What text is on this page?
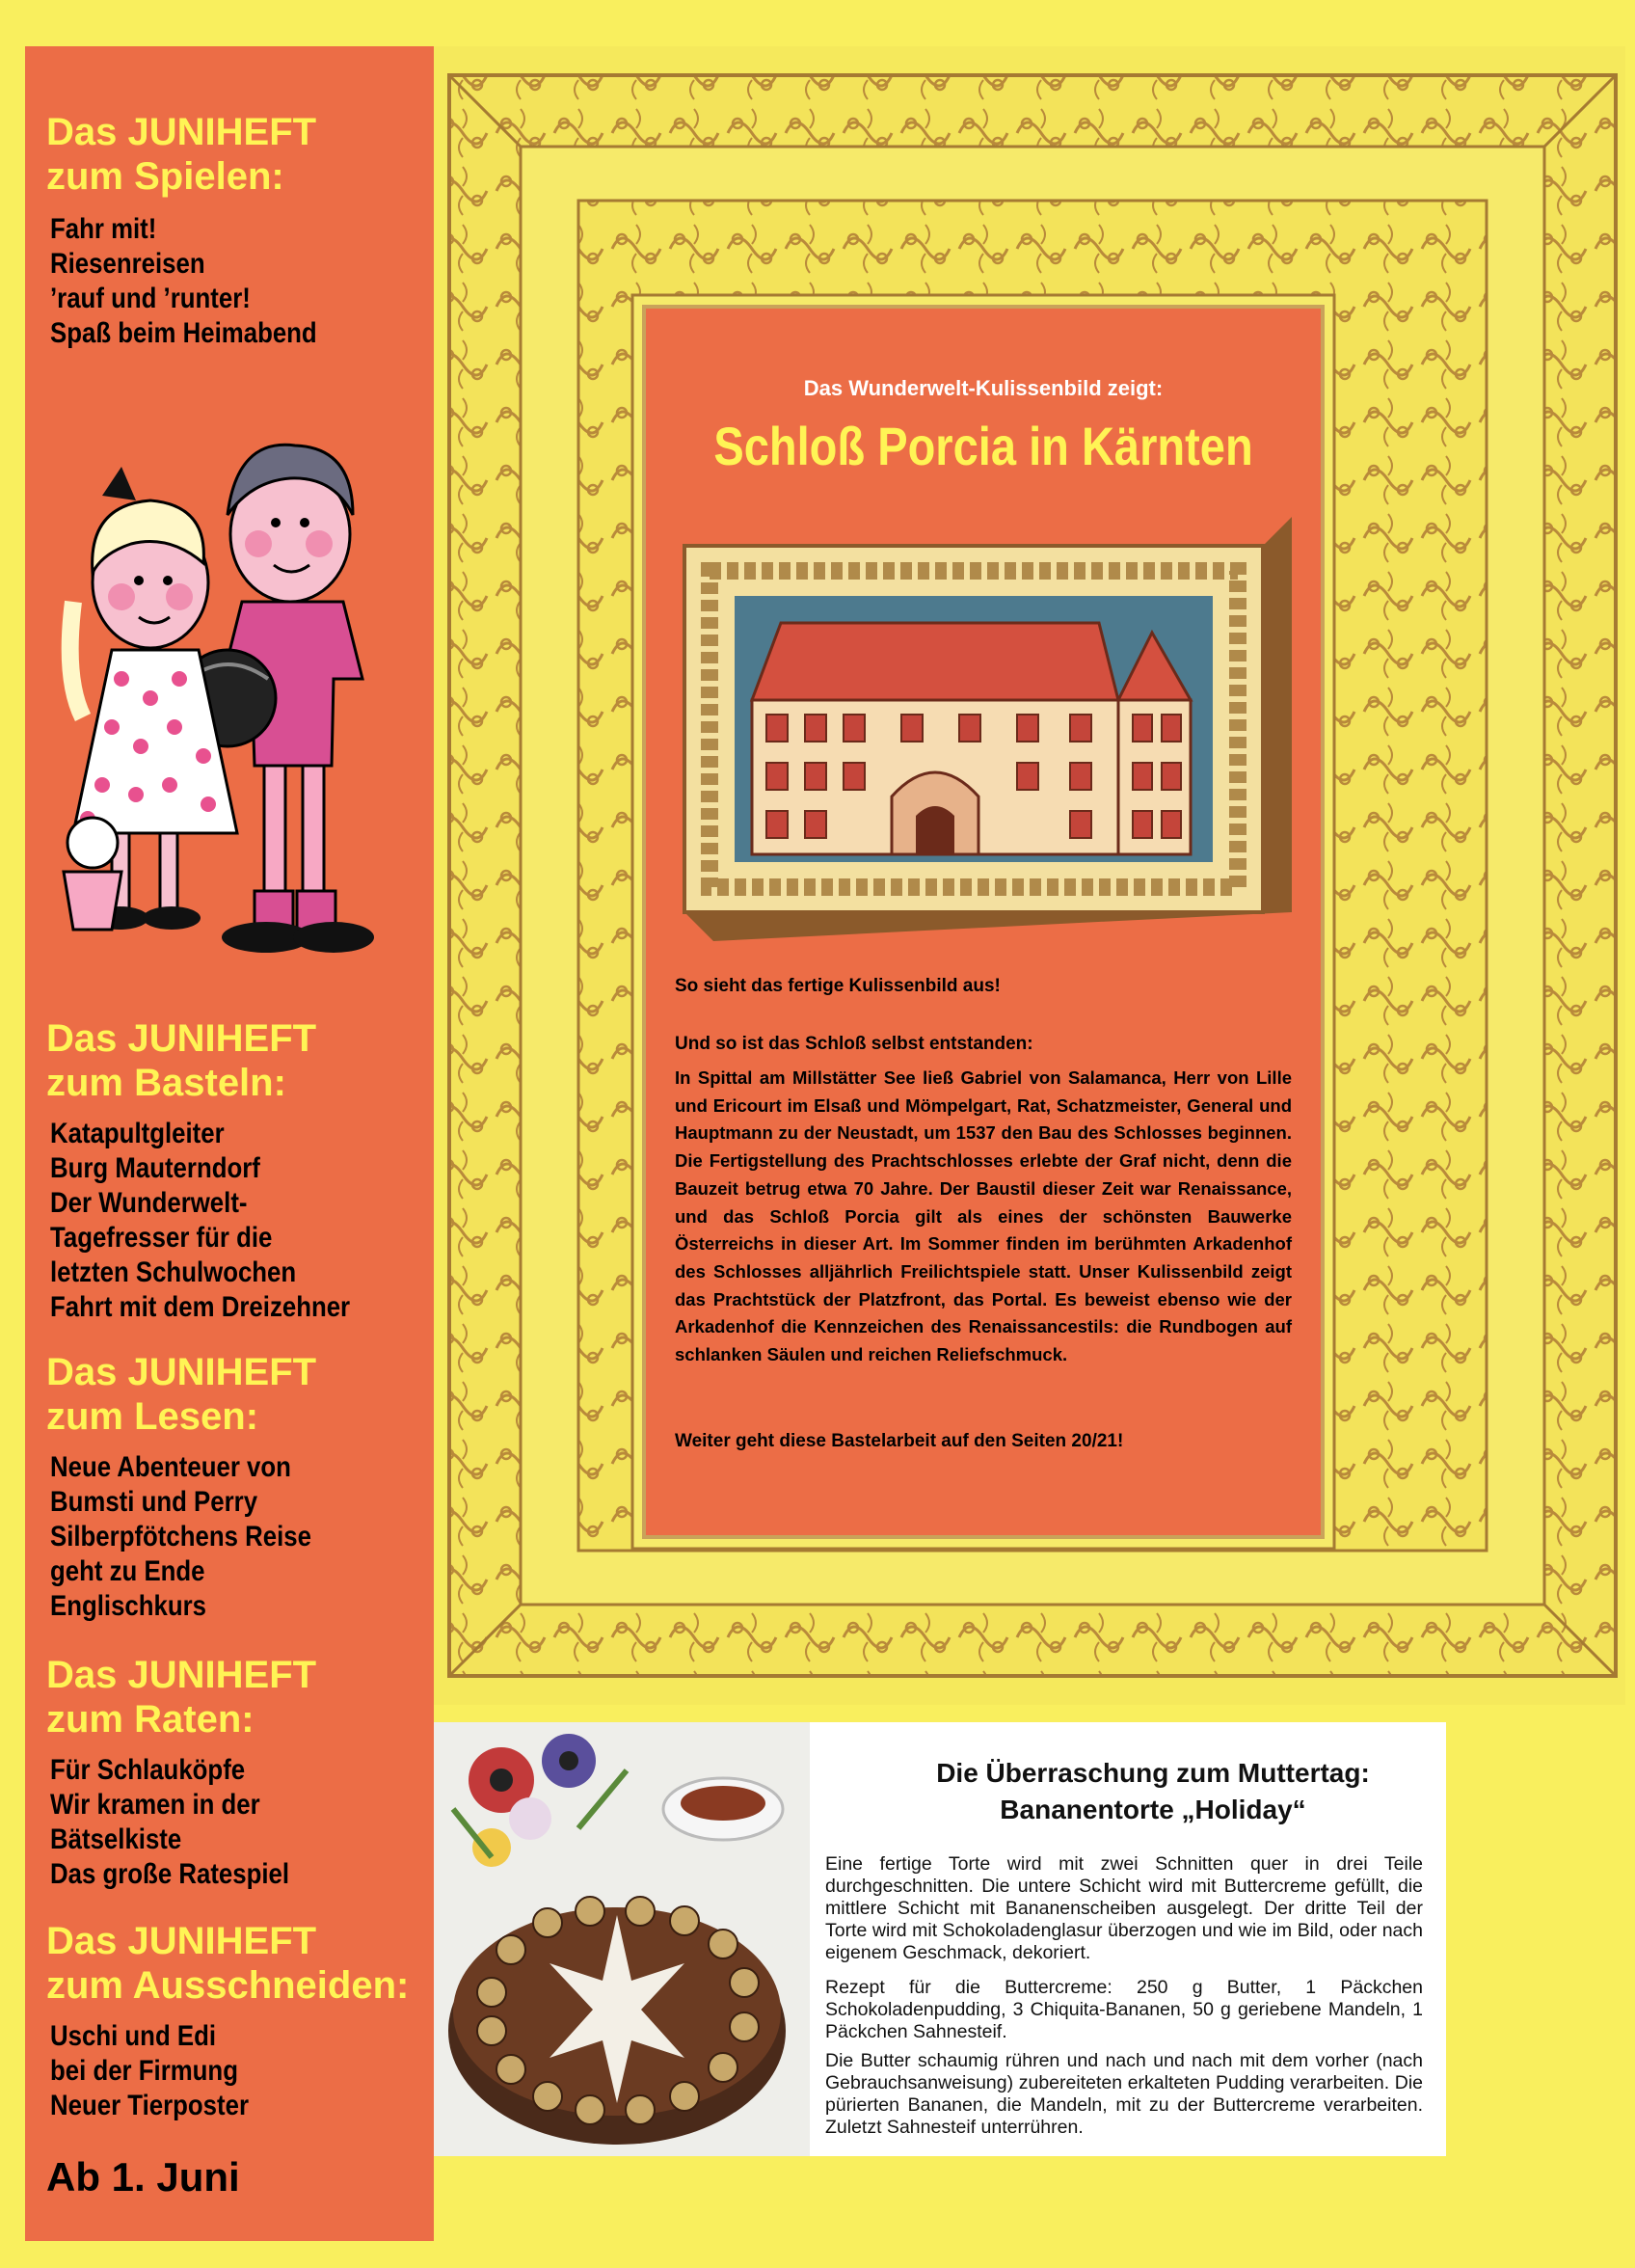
Das JUNIHEFT
zum Spielen:
Fahr mit!
Riesenreisen
’rauf und ’runter!
Spaß beim Heimabend
Das JUNIHEFT
zum Basteln:
Katapultgleiter
Burg Mauterndorf
Der Wunderwelt-
Tagefresser für die
letzten Schulwochen
Fahrt mit dem Dreizehner
Das JUNIHEFT
zum Lesen:
Neue Abenteuer von
Bumsti und Perry
Silberpfötchens Reise
geht zu Ende
Englischkurs
Das JUNIHEFT
zum Raten:
Für Schlauköpfe
Wir kramen in der
Bätselkiste
Das große Ratespiel
Das JUNIHEFT
zum Ausschneiden:
Uschi und Edi
bei der Firmung
Neuer Tierposter

Ab 1. Juni

Das Wunderwelt-Kulissenbild zeigt:
Schloß Porcia in Kärnten

So sieht das fertige Kulissenbild aus!

Und so ist das Schloß selbst entstanden:

In Spittal am Millstätter See ließ Gabriel von Salamanca, Herr von Lille und Ericourt im Elsaß und Mömpelgart, Rat, Schatzmeister, General und Hauptmann zu der Neustadt, um 1537 den Bau des Schlosses beginnen. Die Fertigstellung des Prachtschlosses erlebte der Graf nicht, denn die Bauzeit betrug etwa 70 Jahre. Der Baustil dieser Zeit war Renaissance, und das Schloß Porcia gilt als eines der schönsten Bauwerke Österreichs in dieser Art. Im Sommer finden im berühmten Arkadenhof des Schlosses alljährlich Freilichtspiele statt. Unser Kulissenbild zeigt das Prachtstück der Platzfront, das Portal. Es beweist ebenso wie der Arkadenhof die Kennzeichen des Renaissancestils: die Rundbogen auf schlanken Säulen und reichen Reliefschmuck.

Weiter geht diese Bastelarbeit auf den Seiten 20/21!

Die Überraschung zum Muttertag:
Bananentorte „Holiday“

Eine fertige Torte wird mit zwei Schnitten quer in drei Teile durchgeschnitten. Die untere Schicht wird mit Buttercreme gefüllt, die mittlere Schicht mit Bananenscheiben ausgelegt. Der dritte Teil der Torte wird mit Schokoladenglasur überzogen und wie im Bild, oder nach eigenem Geschmack, dekoriert.

Rezept für die Buttercreme: 250 g Butter, 1 Päckchen Schokoladenpudding, 3 Chiquita-Bananen, 50 g geriebene Mandeln, 1 Päckchen Sahnesteif.

Die Butter schaumig rühren und nach und nach mit dem vorher (nach Gebrauchsanweisung) zubereiteten erkalteten Pudding verarbeiten. Die pürierten Bananen, die Mandeln, mit zu der Buttercreme verarbeiten. Zuletzt Sahnesteif unterrühren.
